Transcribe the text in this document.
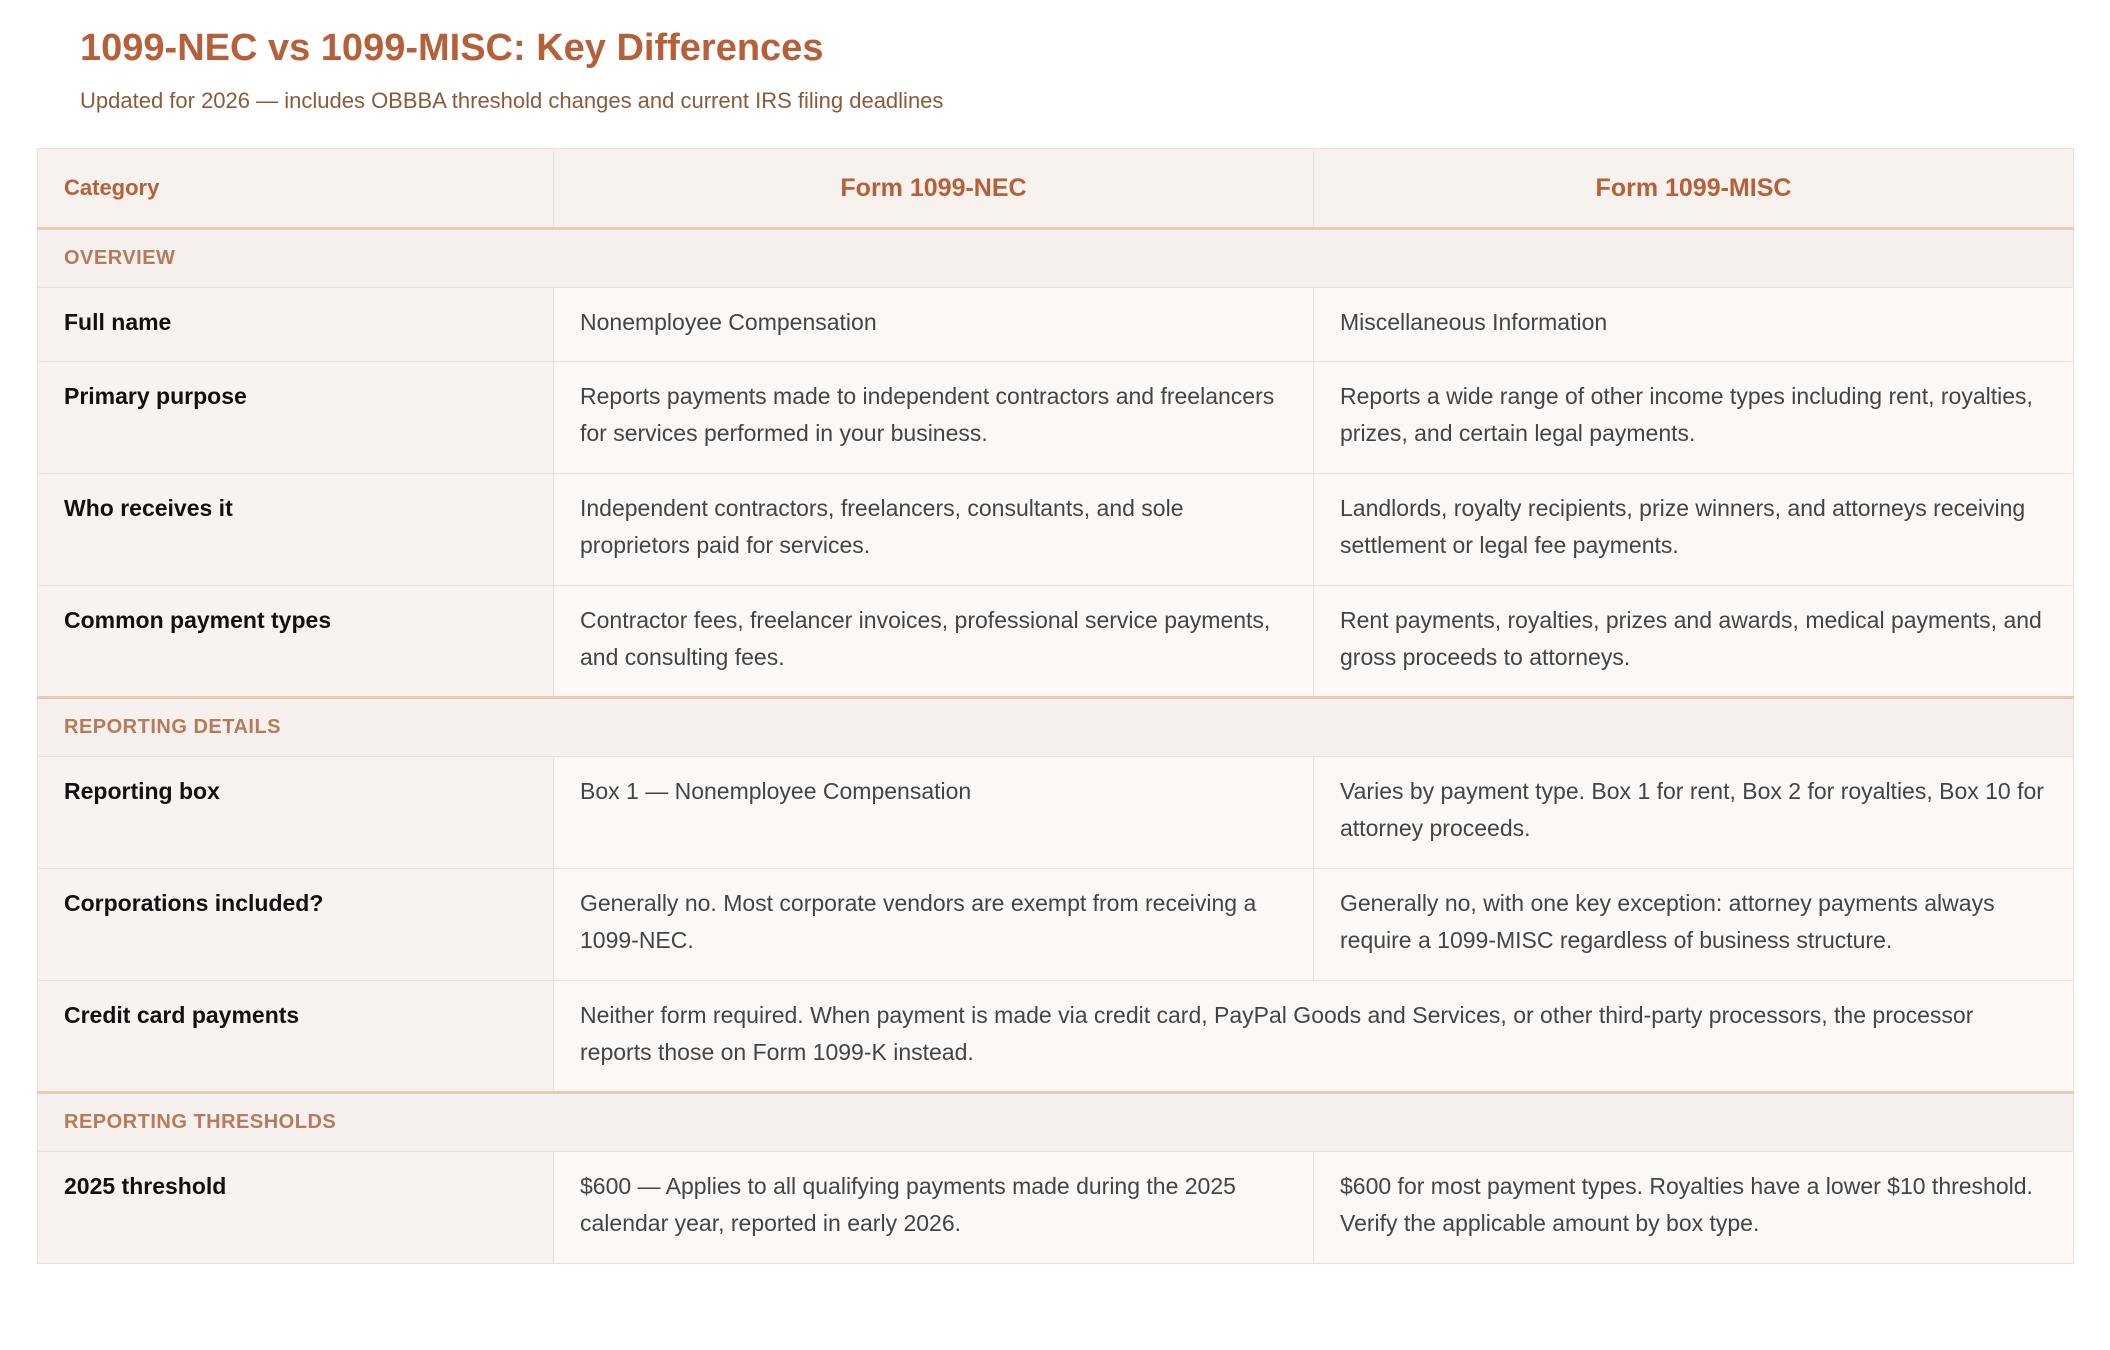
1099-NEC vs 1099-MISC: Key Differences

Updated for 2026 — includes OBBBA threshold changes and current IRS filing deadlines

Category	Form 1099-NEC	Form 1099-MISC
OVERVIEW		
Full name	Nonemployee Compensation	Miscellaneous Information
Primary purpose	Reports payments made to independent contractors and freelancers for services performed in your business.	Reports a wide range of other income types including rent, royalties, prizes, and certain legal payments.
Who receives it	Independent contractors, freelancers, consultants, and sole proprietors paid for services.	Landlords, royalty recipients, prize winners, and attorneys receiving settlement or legal fee payments.
Common payment types	Contractor fees, freelancer invoices, professional service payments, and consulting fees.	Rent payments, royalties, prizes and awards, medical payments, and gross proceeds to attorneys.
REPORTING DETAILS		
Reporting box	Box 1 — Nonemployee Compensation	Varies by payment type. Box 1 for rent, Box 2 for royalties, Box 10 for attorney proceeds.
Corporations included?	Generally no. Most corporate vendors are exempt from receiving a 1099-NEC.	Generally no, with one key exception: attorney payments always require a 1099-MISC regardless of business structure.
Credit card payments	Neither form required. When payment is made via credit card, PayPal Goods and Services, or other third-party processors, the processor reports those on Form 1099-K instead.	
REPORTING THRESHOLDS		
2025 threshold	$600 — Applies to all qualifying payments made during the 2025 calendar year, reported in early 2026.	$600 for most payment types. Royalties have a lower $10 threshold. Verify the applicable amount by box type.
